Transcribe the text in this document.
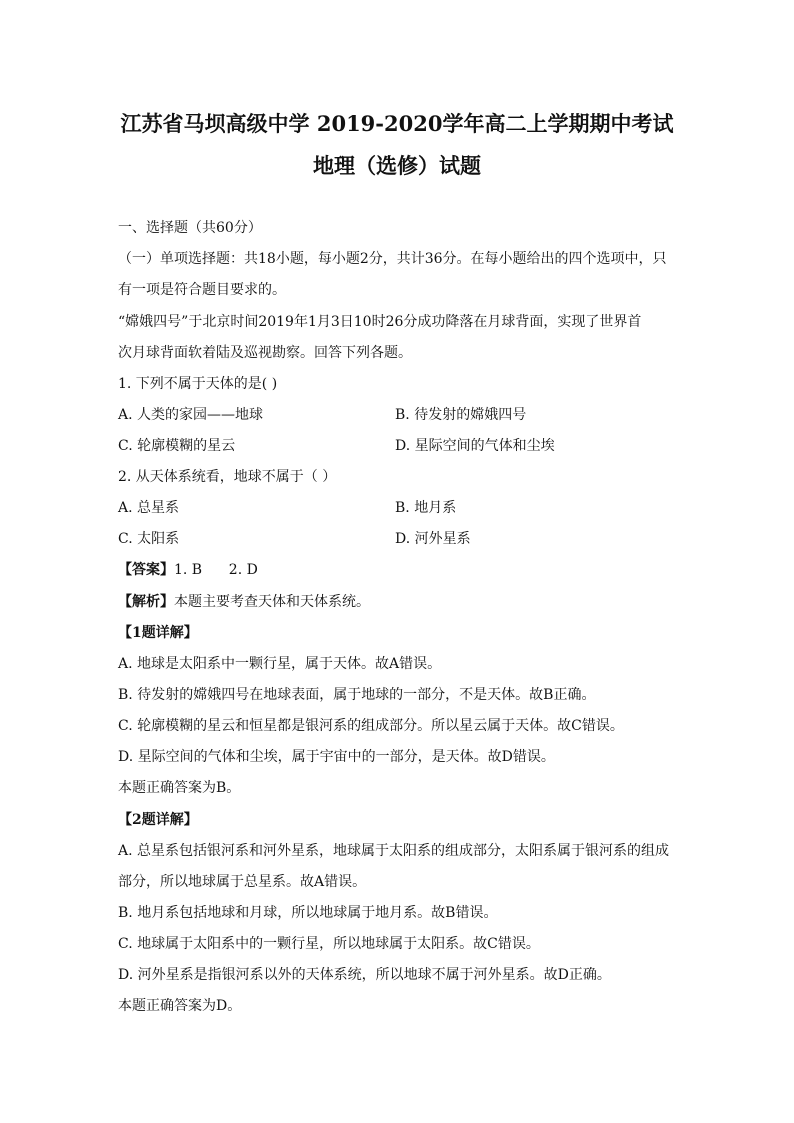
江苏省马坝高级中学 2019-2020学年高二上学期期中考试
地理（选修）试题
一、选择题（共60分）
（一）单项选择题：共18小题，每小题2分，共计36分。在每小题给出的四个选项中，只
有一项是符合题目要求的。
“嫦娥四号”于北京时间2019年1月3日10时26分成功降落在月球背面，实现了世界首
次月球背面软着陆及巡视勘察。回答下列各题。
1. 下列不属于天体的是( )
A. 人类的家园——地球	B. 待发射的嫦娥四号
C. 轮廓模糊的星云	D. 星际空间的气体和尘埃
2. 从天体系统看，地球不属于（ ）
A. 总星系	B. 地月系
C. 太阳系	D. 河外星系
【答案】1. B      2. D
【解析】本题主要考查天体和天体系统。
【1题详解】
A. 地球是太阳系中一颗行星，属于天体。故A错误。
B. 待发射的嫦娥四号在地球表面，属于地球的一部分，不是天体。故B正确。
C. 轮廓模糊的星云和恒星都是银河系的组成部分。所以星云属于天体。故C错误。
D. 星际空间的气体和尘埃，属于宇宙中的一部分，是天体。故D错误。
本题正确答案为B。
【2题详解】
A. 总星系包括银河系和河外星系，地球属于太阳系的组成部分，太阳系属于银河系的组成
部分，所以地球属于总星系。故A错误。
B. 地月系包括地球和月球，所以地球属于地月系。故B错误。
C. 地球属于太阳系中的一颗行星，所以地球属于太阳系。故C错误。
D. 河外星系是指银河系以外的天体系统，所以地球不属于河外星系。故D正确。
本题正确答案为D。
